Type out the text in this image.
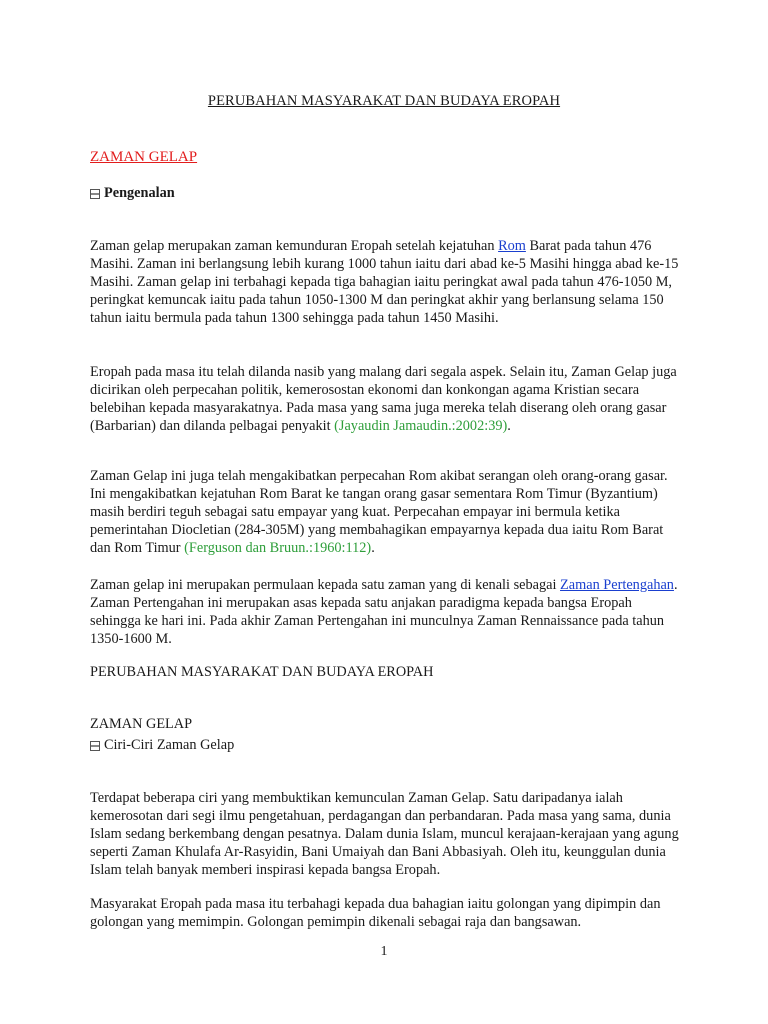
PERUBAHAN MASYARAKAT DAN BUDAYA EROPAH
ZAMAN GELAP
Pengenalan
Zaman gelap merupakan zaman kemunduran Eropah setelah kejatuhan Rom Barat pada tahun 476 Masihi. Zaman ini berlangsung lebih kurang 1000 tahun iaitu dari abad ke-5 Masihi hingga abad ke-15 Masihi. Zaman gelap ini terbahagi kepada tiga bahagian iaitu peringkat awal pada tahun 476-1050 M, peringkat kemuncak iaitu pada tahun 1050-1300 M dan peringkat akhir yang berlansung selama 150 tahun iaitu bermula pada tahun 1300 sehingga pada tahun 1450 Masihi.
Eropah pada masa itu telah dilanda nasib yang malang dari segala aspek. Selain itu, Zaman Gelap juga dicirikan oleh perpecahan politik, kemerosostan ekonomi dan konkongan agama Kristian secara belebihan kepada masyarakatnya. Pada masa yang sama juga mereka telah diserang oleh orang gasar (Barbarian) dan dilanda pelbagai penyakit (Jayaudin Jamaudin.:2002:39).
Zaman Gelap ini juga telah mengakibatkan perpecahan Rom akibat serangan oleh orang-orang gasar. Ini mengakibatkan kejatuhan Rom Barat ke tangan orang gasar sementara Rom Timur (Byzantium) masih berdiri teguh sebagai satu empayar yang kuat. Perpecahan empayar ini bermula ketika pemerintahan Diocletian (284-305M) yang membahagikan empayarnya kepada dua iaitu Rom Barat dan Rom Timur (Ferguson dan Bruun.:1960:112).
Zaman gelap ini merupakan permulaan kepada satu zaman yang di kenali sebagai Zaman Pertengahan. Zaman Pertengahan ini merupakan asas kepada satu anjakan paradigma kepada bangsa Eropah sehingga ke hari ini. Pada akhir Zaman Pertengahan ini munculnya Zaman Rennaissance pada tahun 1350-1600 M.
PERUBAHAN MASYARAKAT DAN BUDAYA EROPAH
ZAMAN GELAP
Ciri-Ciri Zaman Gelap
Terdapat beberapa ciri yang membuktikan kemunculan Zaman Gelap. Satu daripadanya ialah kemerosotan dari segi ilmu pengetahuan, perdagangan dan perbandaran. Pada masa yang sama, dunia Islam sedang berkembang dengan pesatnya. Dalam dunia Islam, muncul kerajaan-kerajaan yang agung seperti Zaman Khulafa Ar-Rasyidin, Bani Umaiyah dan Bani Abbasiyah. Oleh itu, keunggulan dunia Islam telah banyak memberi inspirasi kepada bangsa Eropah.
Masyarakat Eropah pada masa itu terbahagi kepada dua bahagian iaitu golongan yang dipimpin dan golongan yang memimpin. Golongan pemimpin dikenali sebagai raja dan bangsawan.
1
